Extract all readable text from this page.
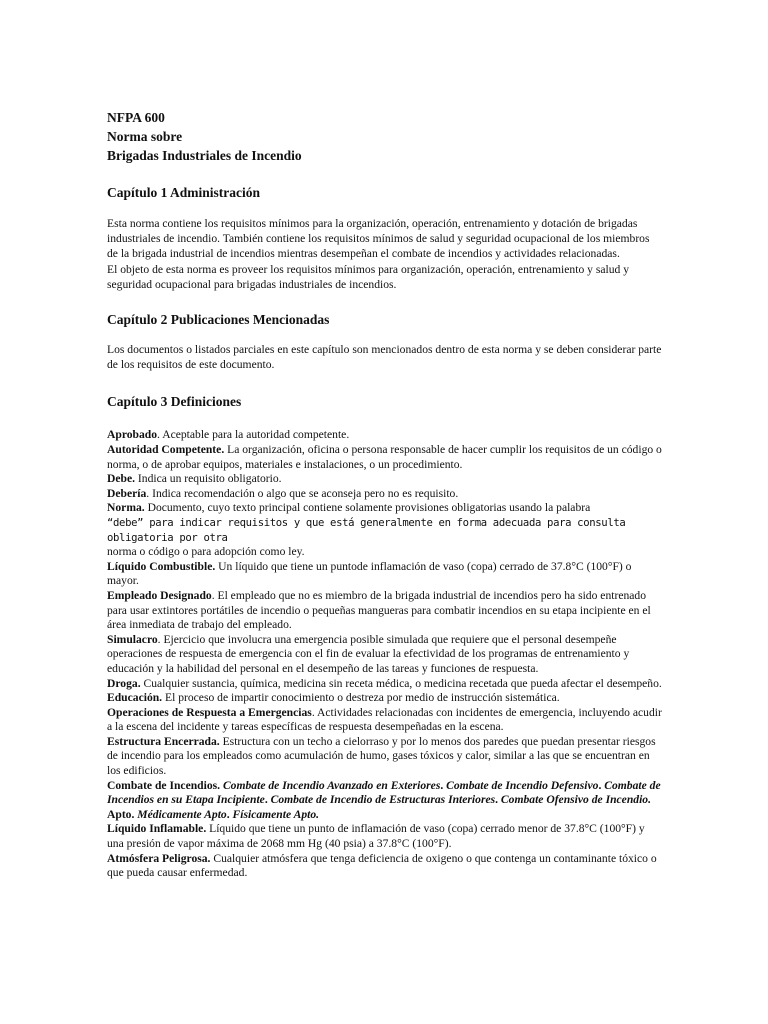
NFPA 600
Norma sobre
Brigadas Industriales de Incendio
Capítulo 1 Administración

Esta norma contiene los requisitos mínimos para la organización, operación, entrenamiento y dotación de brigadas industriales de incendio. También contiene los requisitos mínimos de salud y seguridad ocupacional de los miembros de la brigada industrial de incendios mientras desempeñan el combate de incendios y actividades relacionadas.

El objeto de esta norma es proveer los requisitos mínimos para organización, operación, entrenamiento y salud y seguridad ocupacional para brigadas industriales de incendios.

Capítulo 2 Publicaciones Mencionadas

Los documentos o listados parciales en este capítulo son mencionados dentro de esta norma y se deben considerar parte de los requisitos de este documento.

Capítulo 3 Definiciones

Aprobado. Aceptable para la autoridad competente.

Autoridad Competente. La organización, oficina o persona responsable de hacer cumplir los requisitos de un código o norma, o de aprobar equipos, materiales e instalaciones, o un procedimiento.

Debe. Indica un requisito obligatorio.

Debería. Indica recomendación o algo que se aconseja pero no es requisito.

Norma. Documento, cuyo texto principal contiene solamente provisiones obligatorias usando la palabra
“debe” para indicar requisitos y que está generalmente en forma adecuada para consulta obligatoria por otra
norma o código o para adopción como ley.

Líquido Combustible. Un líquido que tiene un puntode inflamación de vaso (copa) cerrado de 37.8°C (100°F) o mayor.

Empleado Designado. El empleado que no es miembro de la brigada industrial de incendios pero ha sido entrenado para usar extintores portátiles de incendio o pequeñas mangueras para combatir incendios en su etapa incipiente en el área inmediata de trabajo del empleado.

Simulacro. Ejercicio que involucra una emergencia posible simulada que requiere que el personal desempeñe operaciones de respuesta de emergencia con el fin de evaluar la efectividad de los programas de entrenamiento y educación y la habilidad del personal en el desempeño de las tareas y funciones de respuesta.

Droga. Cualquier sustancia, química, medicina sin receta médica, o medicina recetada que pueda afectar el desempeño.

Educación. El proceso de impartir conocimiento o destreza por medio de instrucción sistemática.

Operaciones de Respuesta a Emergencias. Actividades relacionadas con incidentes de emergencia, incluyendo acudir a la escena del incidente y tareas específicas de respuesta desempeñadas en la escena.

Estructura Encerrada. Estructura con un techo a cielorraso y por lo menos dos paredes que puedan presentar riesgos de incendio para los empleados como acumulación de humo, gases tóxicos y calor, similar a las que se encuentran en los edificios.

Combate de Incendios. Combate de Incendio Avanzado en Exteriores. Combate de Incendio Defensivo. Combate de Incendios en su Etapa Incipiente. Combate de Incendio de Estructuras Interiores. Combate Ofensivo de Incendio.

Apto. Médicamente Apto. Físicamente Apto.

Líquido Inflamable. Líquido que tiene un punto de inflamación de vaso (copa) cerrado menor de 37.8°C (100°F) y una presión de vapor máxima de 2068 mm Hg (40 psia) a 37.8°C (100°F).

Atmósfera Peligrosa. Cualquier atmósfera que tenga deficiencia de oxigeno o que contenga un contaminante tóxico o que pueda causar enfermedad.
